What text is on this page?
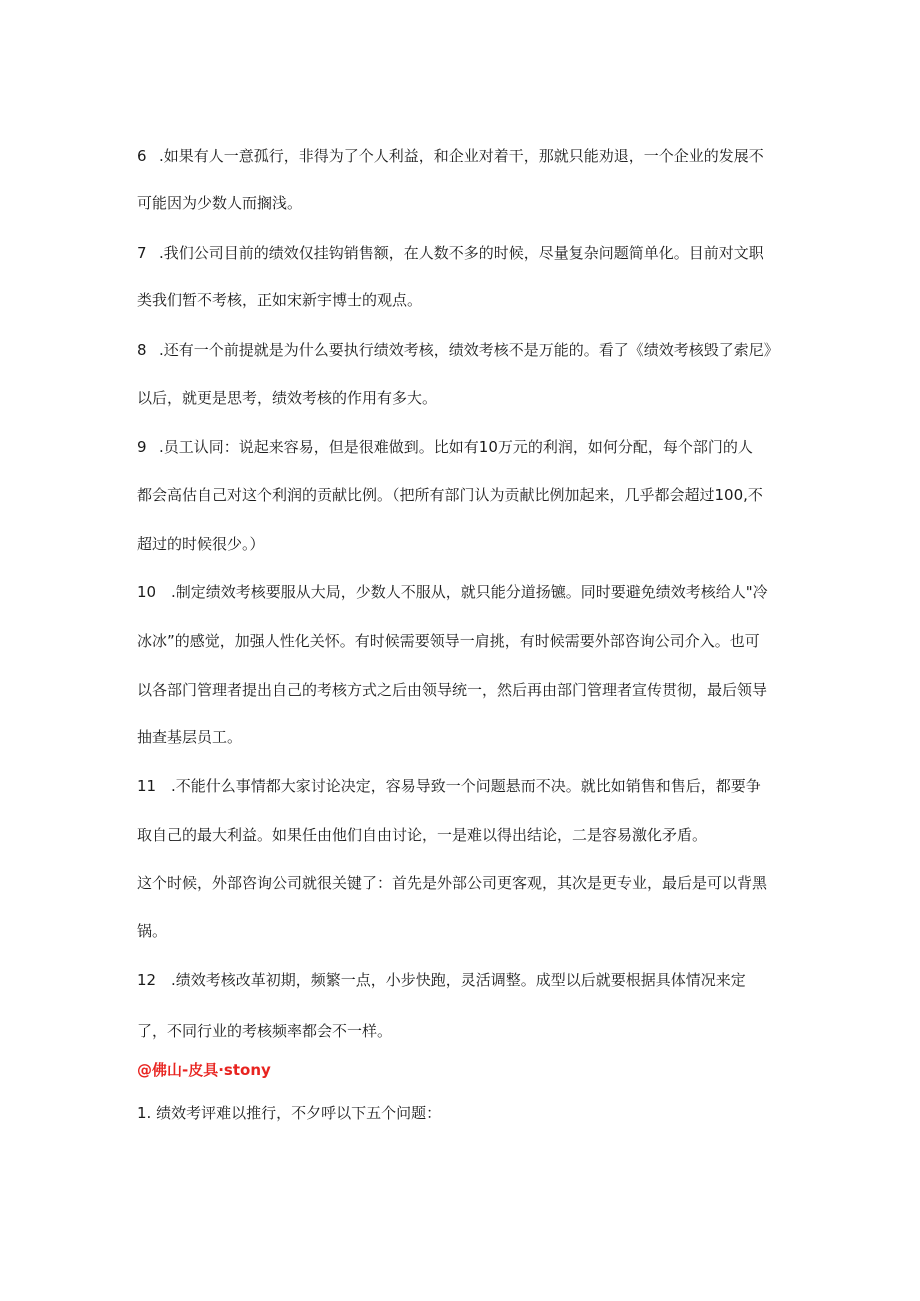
6 .如果有人一意孤行，非得为了个人利益，和企业对着干，那就只能劝退，一个企业的发展不
可能因为少数人而搁浅。
7 .我们公司目前的绩效仅挂钩销售额，在人数不多的时候，尽量复杂问题简单化。目前对文职
类我们暂不考核，正如宋新宇博士的观点。
8 .还有一个前提就是为什么要执行绩效考核，绩效考核不是万能的。看了《绩效考核毁了索尼》
以后，就更是思考，绩效考核的作用有多大。
9 .员工认同：说起来容易，但是很难做到。比如有10万元的利润，如何分配，每个部门的人
都会高估自己对这个利润的贡献比例。（把所有部门认为贡献比例加起来，几乎都会超过100,不
超过的时候很少。）
10 .制定绩效考核要服从大局，少数人不服从，就只能分道扬镳。同时要避免绩效考核给人"冷
冰冰”的感觉，加强人性化关怀。有时候需要领导一肩挑，有时候需要外部咨询公司介入。也可
以各部门管理者提出自己的考核方式之后由领导统一，然后再由部门管理者宣传贯彻，最后领导
抽查基层员工。
11 .不能什么事情都大家讨论决定，容易导致一个问题悬而不决。就比如销售和售后，都要争
取自己的最大利益。如果任由他们自由讨论，一是难以得出结论，二是容易激化矛盾。
这个时候，外部咨询公司就很关键了：首先是外部公司更客观，其次是更专业，最后是可以背黑
锅。
12 .绩效考核改革初期，频繁一点，小步快跑，灵活调整。成型以后就要根据具体情况来定
了，不同行业的考核频率都会不一样。
@佛山-皮具·stony
1. 绩效考评难以推行，不夕呼以下五个问题：
